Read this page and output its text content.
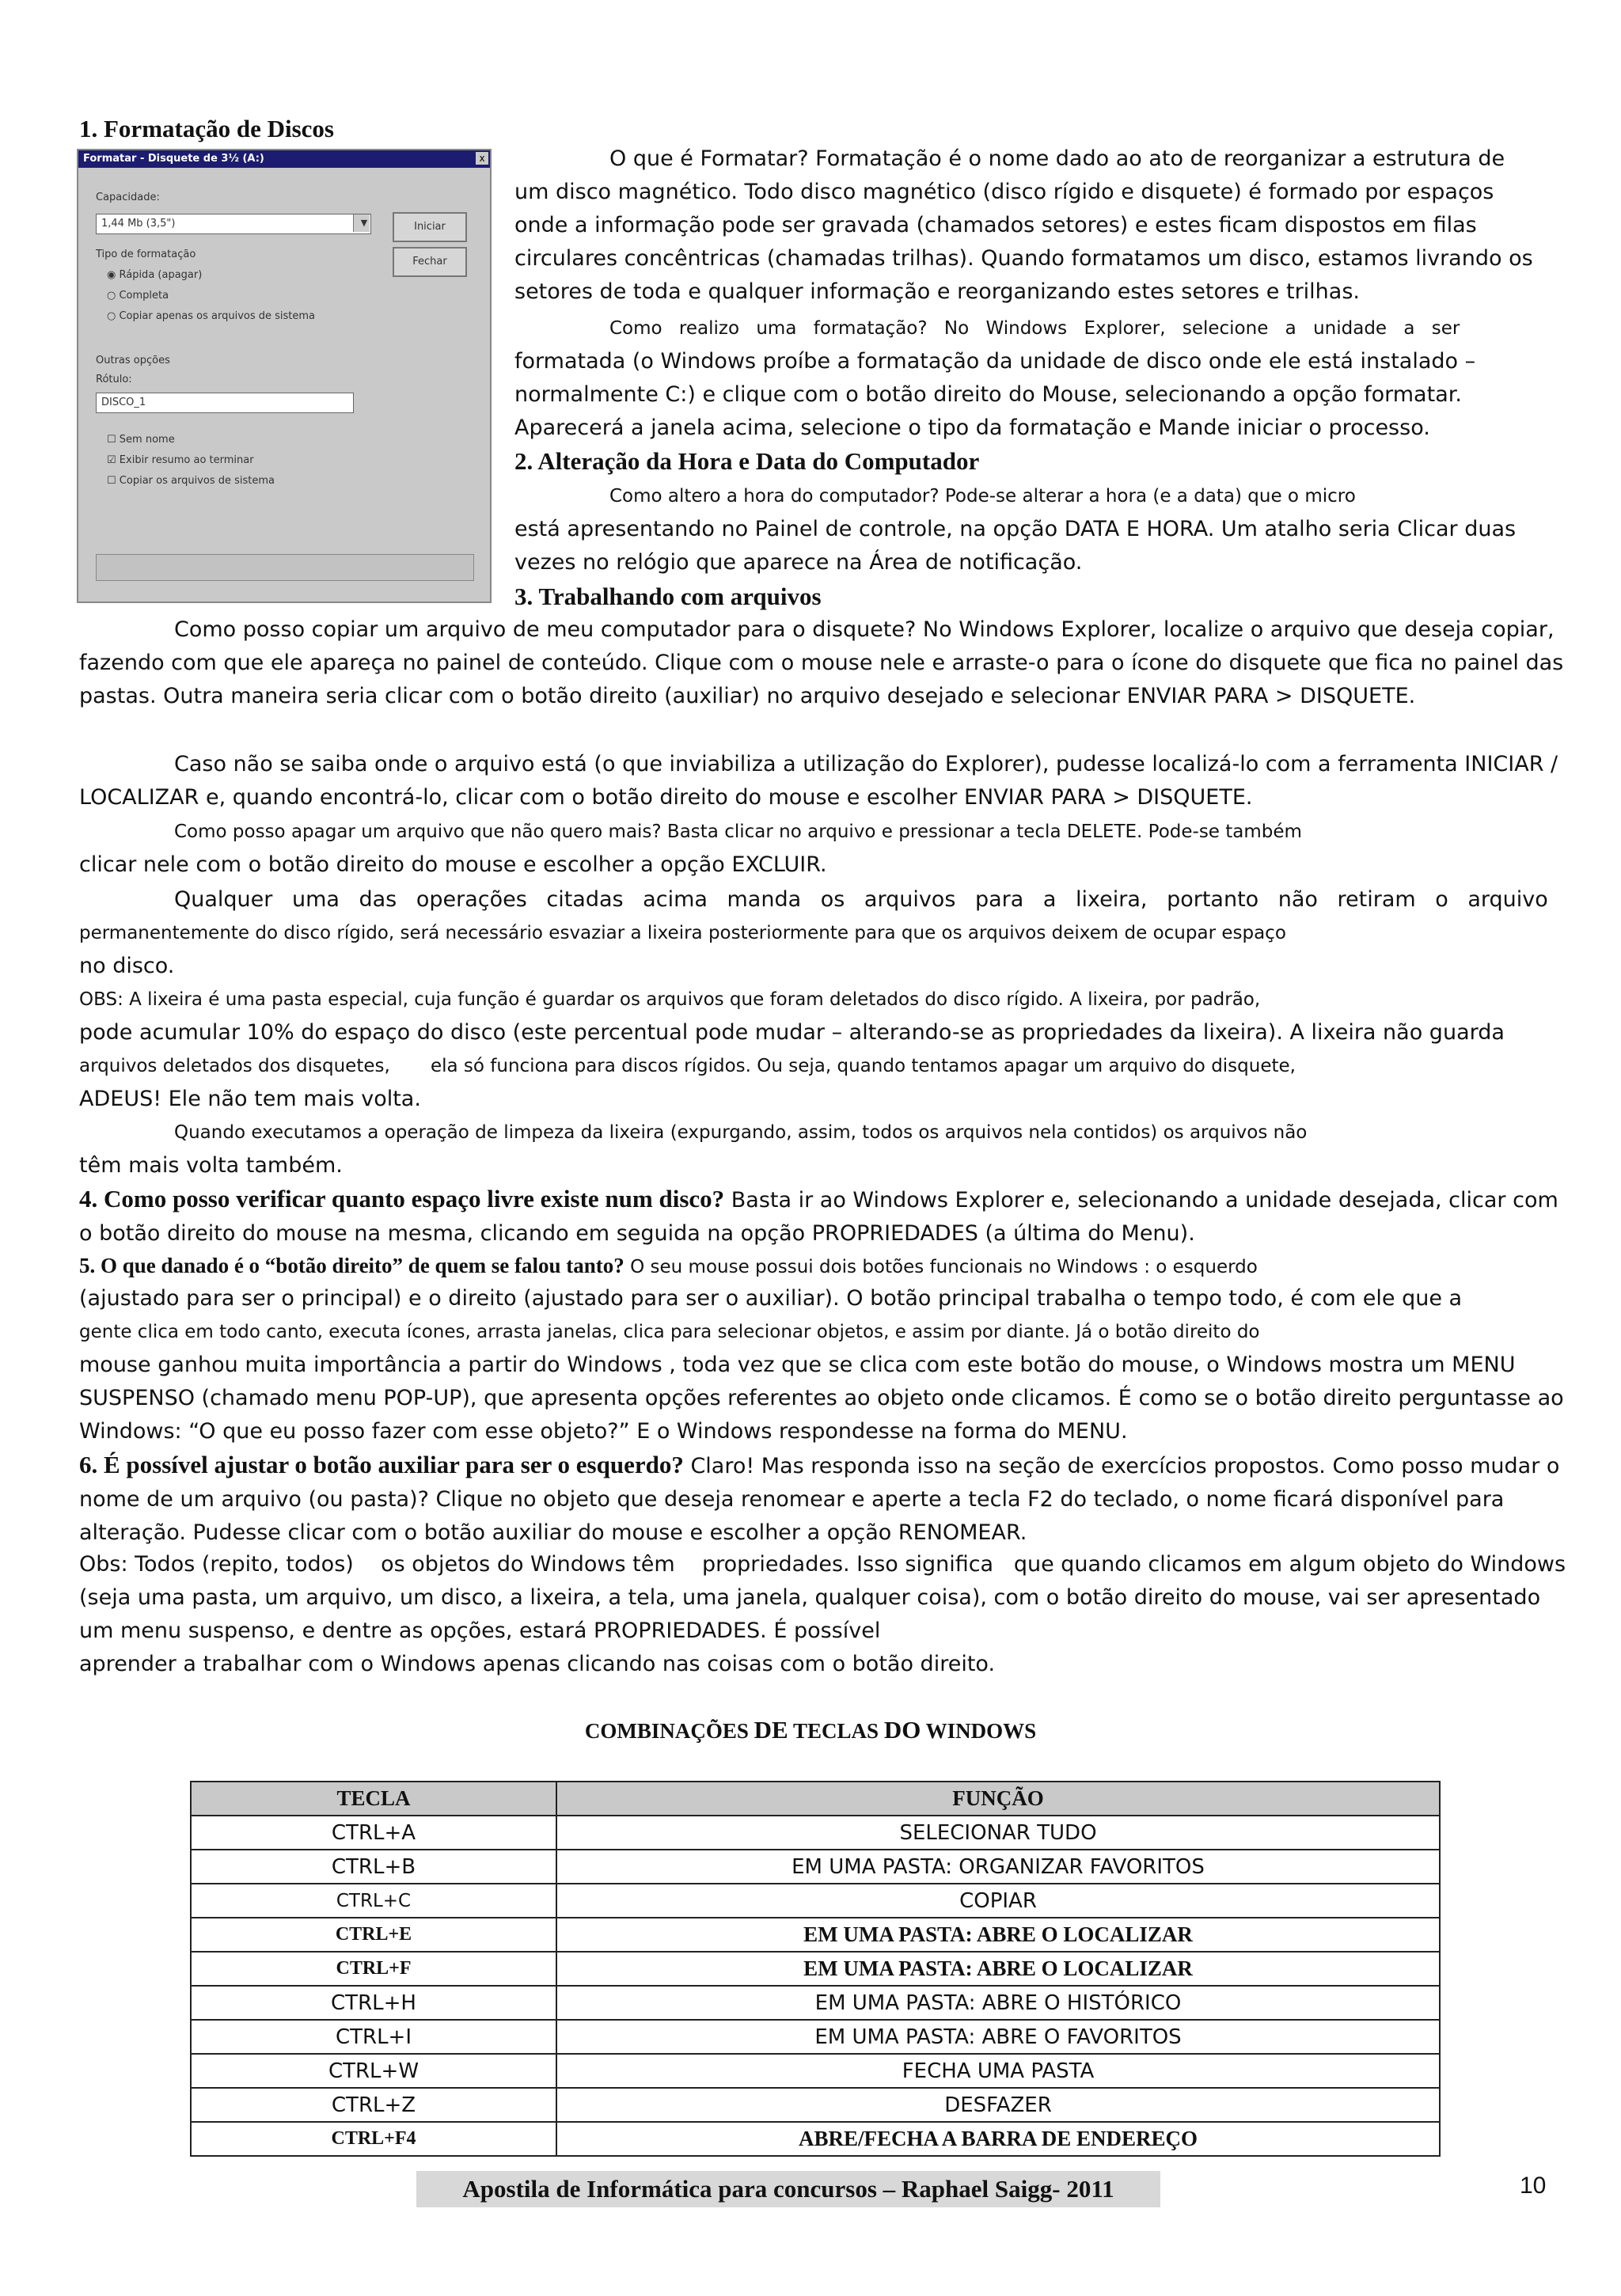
1. Formatação de Discos
Formatar - Disquete de 3½ (A:)	x
Capacidade:
1,44 Mb (3,5")	▼	Iniciar
Fechar
Tipo de formatação
◉ Rápida (apagar)
○ Completa
○ Copiar apenas os arquivos de sistema
Outras opções
Rótulo:
DISCO_1
☐ Sem nome
☑ Exibir resumo ao terminar
☐ Copiar os arquivos de sistema
O que é Formatar? Formatação é o nome dado ao ato de reorganizar a estrutura de um disco magnético. Todo disco magnético (disco rígido e disquete) é formado por espaços onde a informação pode ser gravada (chamados setores) e estes ficam dispostos em filas circulares concêntricas (chamadas trilhas). Quando formatamos um disco, estamos livrando os setores de toda e qualquer informação e reorganizando estes setores e trilhas.
Como realizo uma formatação? No Windows Explorer, selecione a unidade a ser
formatada (o Windows proíbe a formatação da unidade de disco onde ele está instalado – normalmente C:) e clique com o botão direito do Mouse, selecionando a opção formatar. Aparecerá a janela acima, selecione o tipo da formatação e Mande iniciar o processo.
2. Alteração da Hora e Data do Computador
Como altero a hora do computador? Pode-se alterar a hora (e a data) que o micro
está apresentando no Painel de controle, na opção DATA E HORA. Um atalho seria Clicar duas vezes no relógio que aparece na Área de notificação.
3. Trabalhando com arquivos
Como posso copiar um arquivo de meu computador para o disquete? No Windows Explorer, localize o arquivo que deseja copiar, fazendo com que ele apareça no painel de conteúdo. Clique com o mouse nele e arraste-o para o ícone do disquete que fica no painel das pastas. Outra maneira seria clicar com o botão direito (auxiliar) no arquivo desejado e selecionar ENVIAR PARA > DISQUETE.
Caso não se saiba onde o arquivo está (o que inviabiliza a utilização do Explorer), pudesse localizá-lo com a ferramenta INICIAR / LOCALIZAR e, quando encontrá-lo, clicar com o botão direito do mouse e escolher ENVIAR PARA > DISQUETE.
Como posso apagar um arquivo que não quero mais? Basta clicar no arquivo e pressionar a tecla DELETE. Pode-se também
clicar nele com o botão direito do mouse e escolher a opção EXCLUIR.
Qualquer uma das operações citadas acima manda os arquivos para a lixeira, portanto não retiram o arquivo
permanentemente do disco rígido, será necessário esvaziar a lixeira posteriormente para que os arquivos deixem de ocupar espaço
no disco.
OBS: A lixeira é uma pasta especial, cuja função é guardar os arquivos que foram deletados do disco rígido. A lixeira, por padrão,
pode acumular 10% do espaço do disco (este percentual pode mudar – alterando-se as propriedades da lixeira). A lixeira não guarda
arquivos deletados dos disquetes,       ela só funciona para discos rígidos. Ou seja, quando tentamos apagar um arquivo do disquete,
ADEUS! Ele não tem mais volta.
Quando executamos a operação de limpeza da lixeira (expurgando, assim, todos os arquivos nela contidos) os arquivos não
têm mais volta também.
4. Como posso verificar quanto espaço livre existe num disco? Basta ir ao Windows Explorer e, selecionando a unidade desejada, clicar com o botão direito do mouse na mesma, clicando em seguida na opção PROPRIEDADES (a última do Menu).
5. O que danado é o “botão direito” de quem se falou tanto? O seu mouse possui dois botões funcionais no Windows : o esquerdo
(ajustado para ser o principal) e o direito (ajustado para ser o auxiliar). O botão principal trabalha o tempo todo, é com ele que a
gente clica em todo canto, executa ícones, arrasta janelas, clica para selecionar objetos, e assim por diante. Já o botão direito do
mouse ganhou muita importância a partir do Windows , toda vez que se clica com este botão do mouse, o Windows mostra um MENU SUSPENSO (chamado menu POP-UP), que apresenta opções referentes ao objeto onde clicamos. É como se o botão direito perguntasse ao Windows: “O que eu posso fazer com esse objeto?” E o Windows respondesse na forma do MENU.
6. É possível ajustar o botão auxiliar para ser o esquerdo? Claro! Mas responda isso na seção de exercícios propostos. Como posso mudar o nome de um arquivo (ou pasta)? Clique no objeto que deseja renomear e aperte a tecla F2 do teclado, o nome ficará disponível para alteração. Pudesse clicar com o botão auxiliar do mouse e escolher a opção RENOMEAR.
Obs: Todos (repito, todos)    os objetos do Windows têm    propriedades. Isso significa   que quando clicamos em algum objeto do Windows (seja uma pasta, um arquivo, um disco, a lixeira, a tela, uma janela, qualquer coisa), com o botão direito do mouse, vai ser apresentado um menu suspenso, e dentre as opções, estará PROPRIEDADES. É possível
aprender a trabalhar com o Windows apenas clicando nas coisas com o botão direito.
COMBINAÇÕES DE TECLAS DO WINDOWS
TECLA	FUNÇÃO
CTRL+A	SELECIONAR TUDO
CTRL+B	EM UMA PASTA: ORGANIZAR FAVORITOS
CTRL+C	COPIAR
CTRL+E	EM UMA PASTA: ABRE O LOCALIZAR
CTRL+F	EM UMA PASTA: ABRE O LOCALIZAR
CTRL+H	EM UMA PASTA: ABRE O HISTÓRICO
CTRL+I	EM UMA PASTA: ABRE O FAVORITOS
CTRL+W	FECHA UMA PASTA
CTRL+Z	DESFAZER
CTRL+F4	ABRE/FECHA A BARRA DE ENDEREÇO
Apostila de Informática para concursos – Raphael Saigg- 2011	10
